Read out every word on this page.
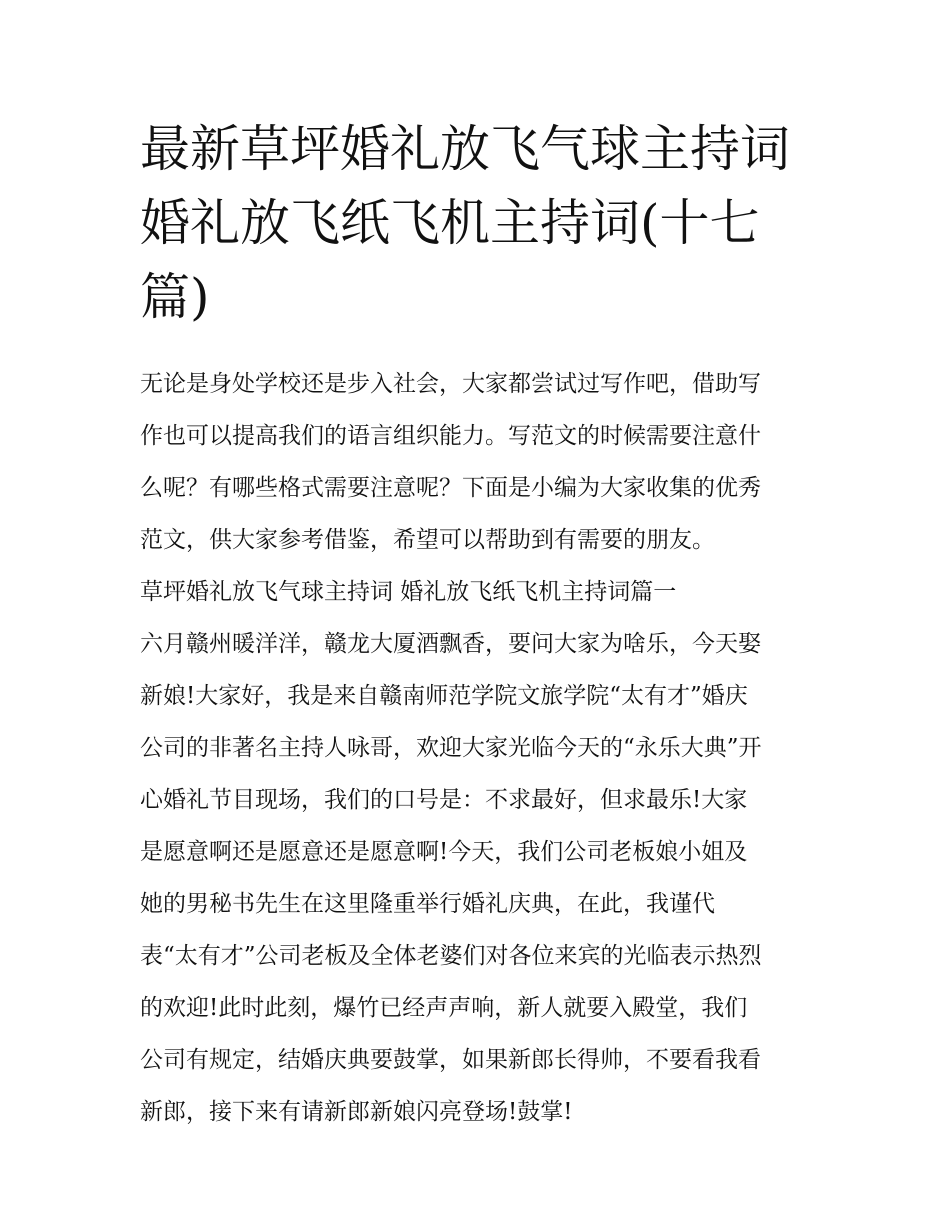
最新草坪婚礼放飞气球主持词
婚礼放飞纸飞机主持词(十七
篇)
无论是身处学校还是步入社会，大家都尝试过写作吧，借助写
作也可以提高我们的语言组织能力。写范文的时候需要注意什
么呢？有哪些格式需要注意呢？下面是小编为大家收集的优秀
范文，供大家参考借鉴，希望可以帮助到有需要的朋友。
草坪婚礼放飞气球主持词 婚礼放飞纸飞机主持词篇一
六月赣州暖洋洋，赣龙大厦酒飘香，要问大家为啥乐，今天娶
新娘!大家好，我是来自赣南师范学院文旅学院“太有才”婚庆
公司的非著名主持人咏哥，欢迎大家光临今天的“永乐大典”开
心婚礼节目现场，我们的口号是：不求最好，但求最乐!大家
是愿意啊还是愿意还是愿意啊!今天，我们公司老板娘小姐及
她的男秘书先生在这里隆重举行婚礼庆典，在此，我谨代
表“太有才”公司老板及全体老婆们对各位来宾的光临表示热烈
的欢迎!此时此刻，爆竹已经声声响，新人就要入殿堂，我们
公司有规定，结婚庆典要鼓掌，如果新郎长得帅，不要看我看
新郎，接下来有请新郎新娘闪亮登场!鼓掌!
